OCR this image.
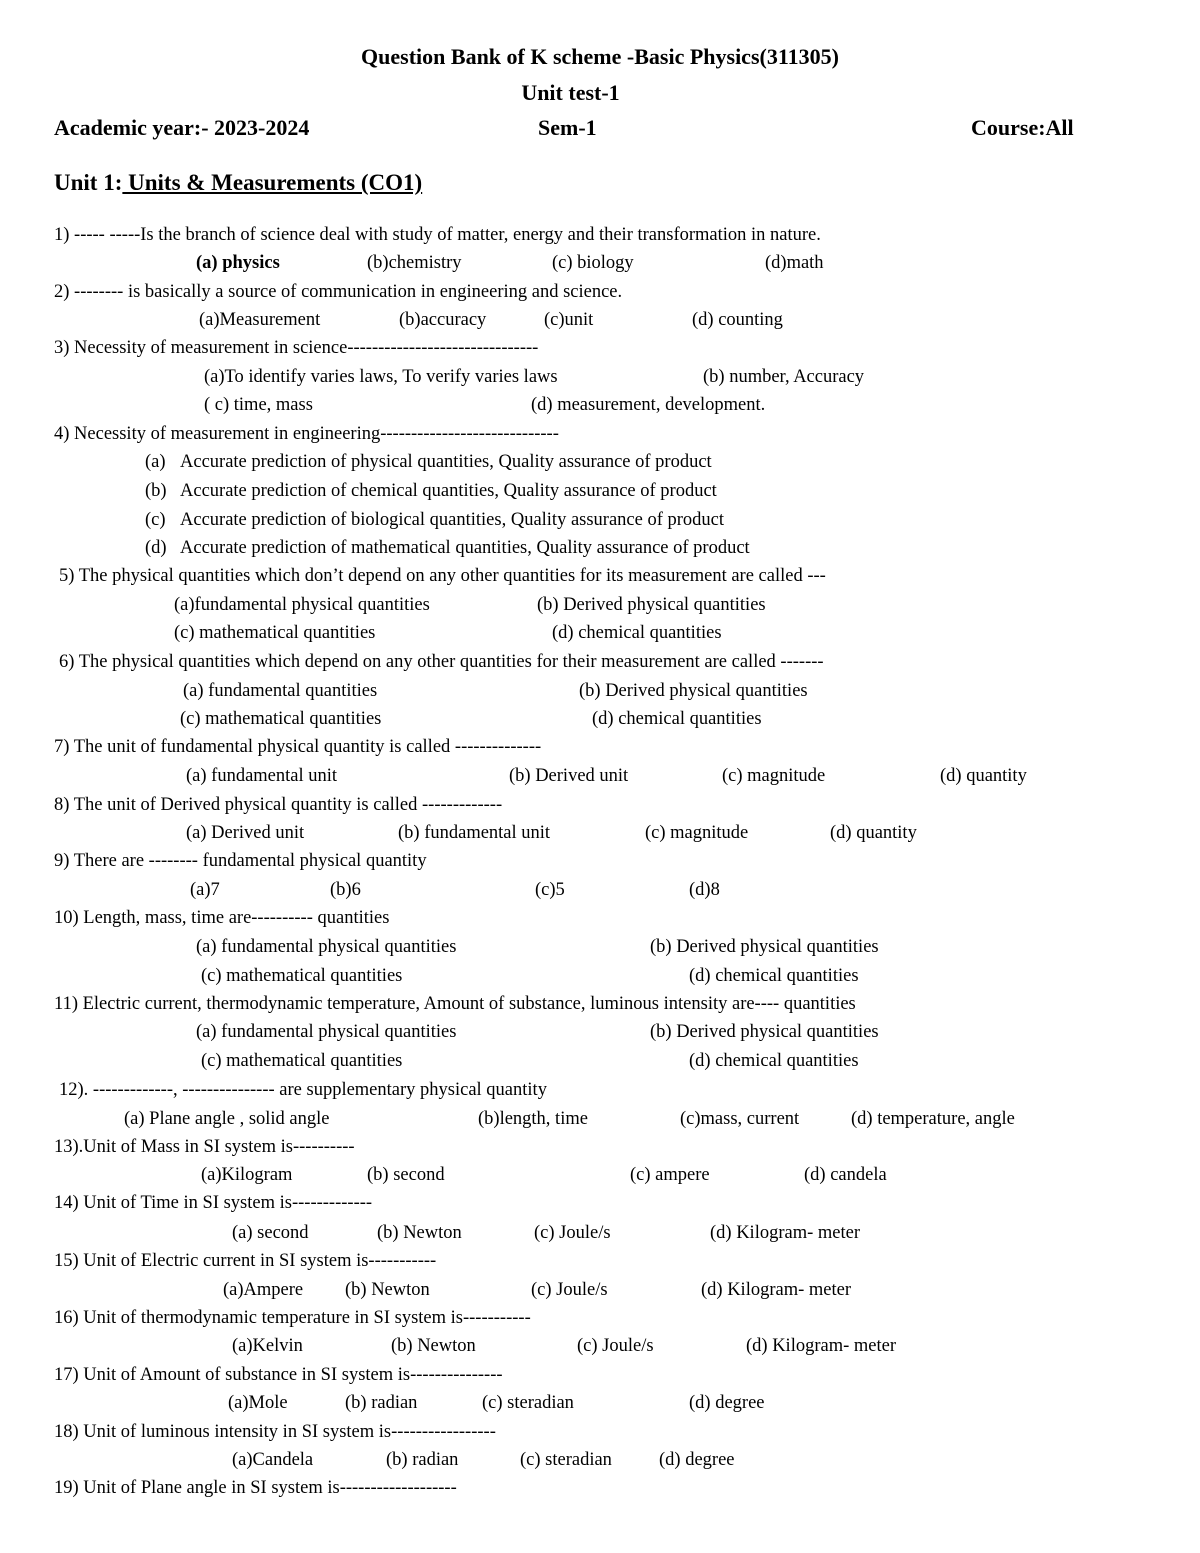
Question Bank of K scheme -Basic Physics(311305)
Unit test-1
Academic year:- 2023-2024	Sem-1	Course:All
Unit 1: Units & Measurements (CO1)
1) ----- -----Is the branch of science deal with study of matter, energy and their transformation in nature.
(a) physics	(b)chemistry	(c) biology	(d)math
2) -------- is basically a source of communication in engineering and science.
(a)Measurement	(b)accuracy	(c)unit	(d) counting
3) Necessity of measurement in science-------------------------------
(a)To identify varies laws, To verify varies laws	(b) number, Accuracy
( c) time, mass	(d) measurement, development.
4) Necessity of measurement in engineering-----------------------------
(a) Accurate prediction of physical quantities, Quality assurance of product
(b) Accurate prediction of chemical quantities, Quality assurance of product
(c) Accurate prediction of biological quantities, Quality assurance of product
(d) Accurate prediction of mathematical quantities, Quality assurance of product
5) The physical quantities which don’t depend on any other quantities for its measurement are called ---
(a)fundamental physical quantities	(b) Derived physical quantities
(c) mathematical quantities	(d) chemical quantities
6) The physical quantities which depend on any other quantities for their measurement are called -------
(a) fundamental quantities	(b) Derived physical quantities
(c) mathematical quantities	(d) chemical quantities
7) The unit of fundamental physical quantity is called --------------
(a) fundamental unit	(b) Derived unit	(c) magnitude	(d) quantity
8) The unit of Derived physical quantity is called -------------
(a) Derived unit	(b) fundamental unit	(c) magnitude	(d) quantity
9) There are -------- fundamental physical quantity
(a)7	(b)6	(c)5	(d)8
10) Length, mass, time are---------- quantities
(a) fundamental physical quantities	(b) Derived physical quantities
(c) mathematical quantities	(d) chemical quantities
11) Electric current, thermodynamic temperature, Amount of substance, luminous intensity are---- quantities
(a) fundamental physical quantities	(b) Derived physical quantities
(c) mathematical quantities	(d) chemical quantities
12). -------------, --------------- are supplementary physical quantity
(a) Plane angle , solid angle	(b)length, time	(c)mass, current	(d) temperature, angle
13).Unit of Mass in SI system is----------
(a)Kilogram	(b) second	(c) ampere	(d) candela
14) Unit of Time in SI system is-------------
(a) second	(b) Newton	(c) Joule/s	(d) Kilogram- meter
15) Unit of Electric current in SI system is-----------
(a)Ampere (b) Newton	(c) Joule/s	(d) Kilogram- meter
16) Unit of thermodynamic temperature in SI system is-----------
(a)Kelvin	(b) Newton	(c) Joule/s	(d) Kilogram- meter
17) Unit of Amount of substance in SI system is---------------
(a)Mole	(b) radian	(c) steradian	(d) degree
18) Unit of luminous intensity in SI system is-----------------
(a)Candela	(b) radian	(c) steradian	(d) degree
19) Unit of Plane angle in SI system is-------------------
